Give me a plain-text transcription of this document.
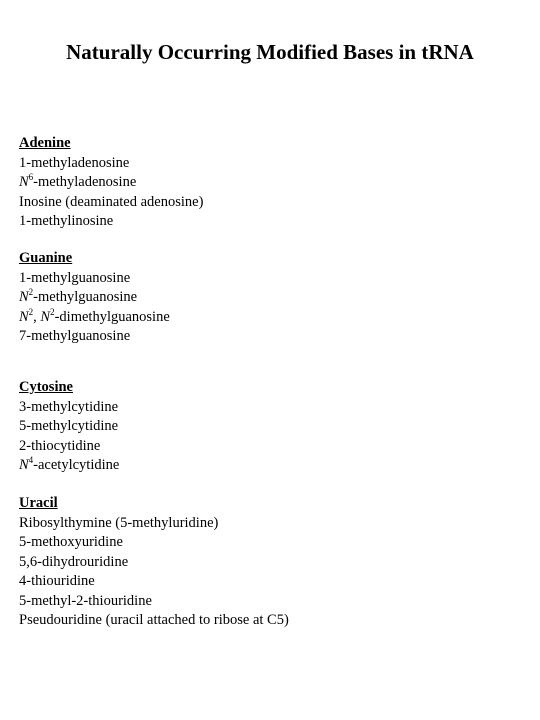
Naturally Occurring Modified Bases in tRNA
Adenine
1-methyladenosine
$N^6$-methyladenosine
Inosine (deaminated adenosine)
1-methylinosine
Guanine
1-methylguanosine
$N^2$-methylguanosine
$N^2$, $N^2$-dimethylguanosine
7-methylguanosine
Cytosine
3-methylcytidine
5-methylcytidine
2-thiocytidine
$N^4$-acetylcytidine
Uracil
Ribosylthymine (5-methyluridine)
5-methoxyuridine
5,6-dihydrouridine
4-thiouridine
5-methyl-2-thiouridine
Pseudouridine (uracil attached to ribose at C5)
